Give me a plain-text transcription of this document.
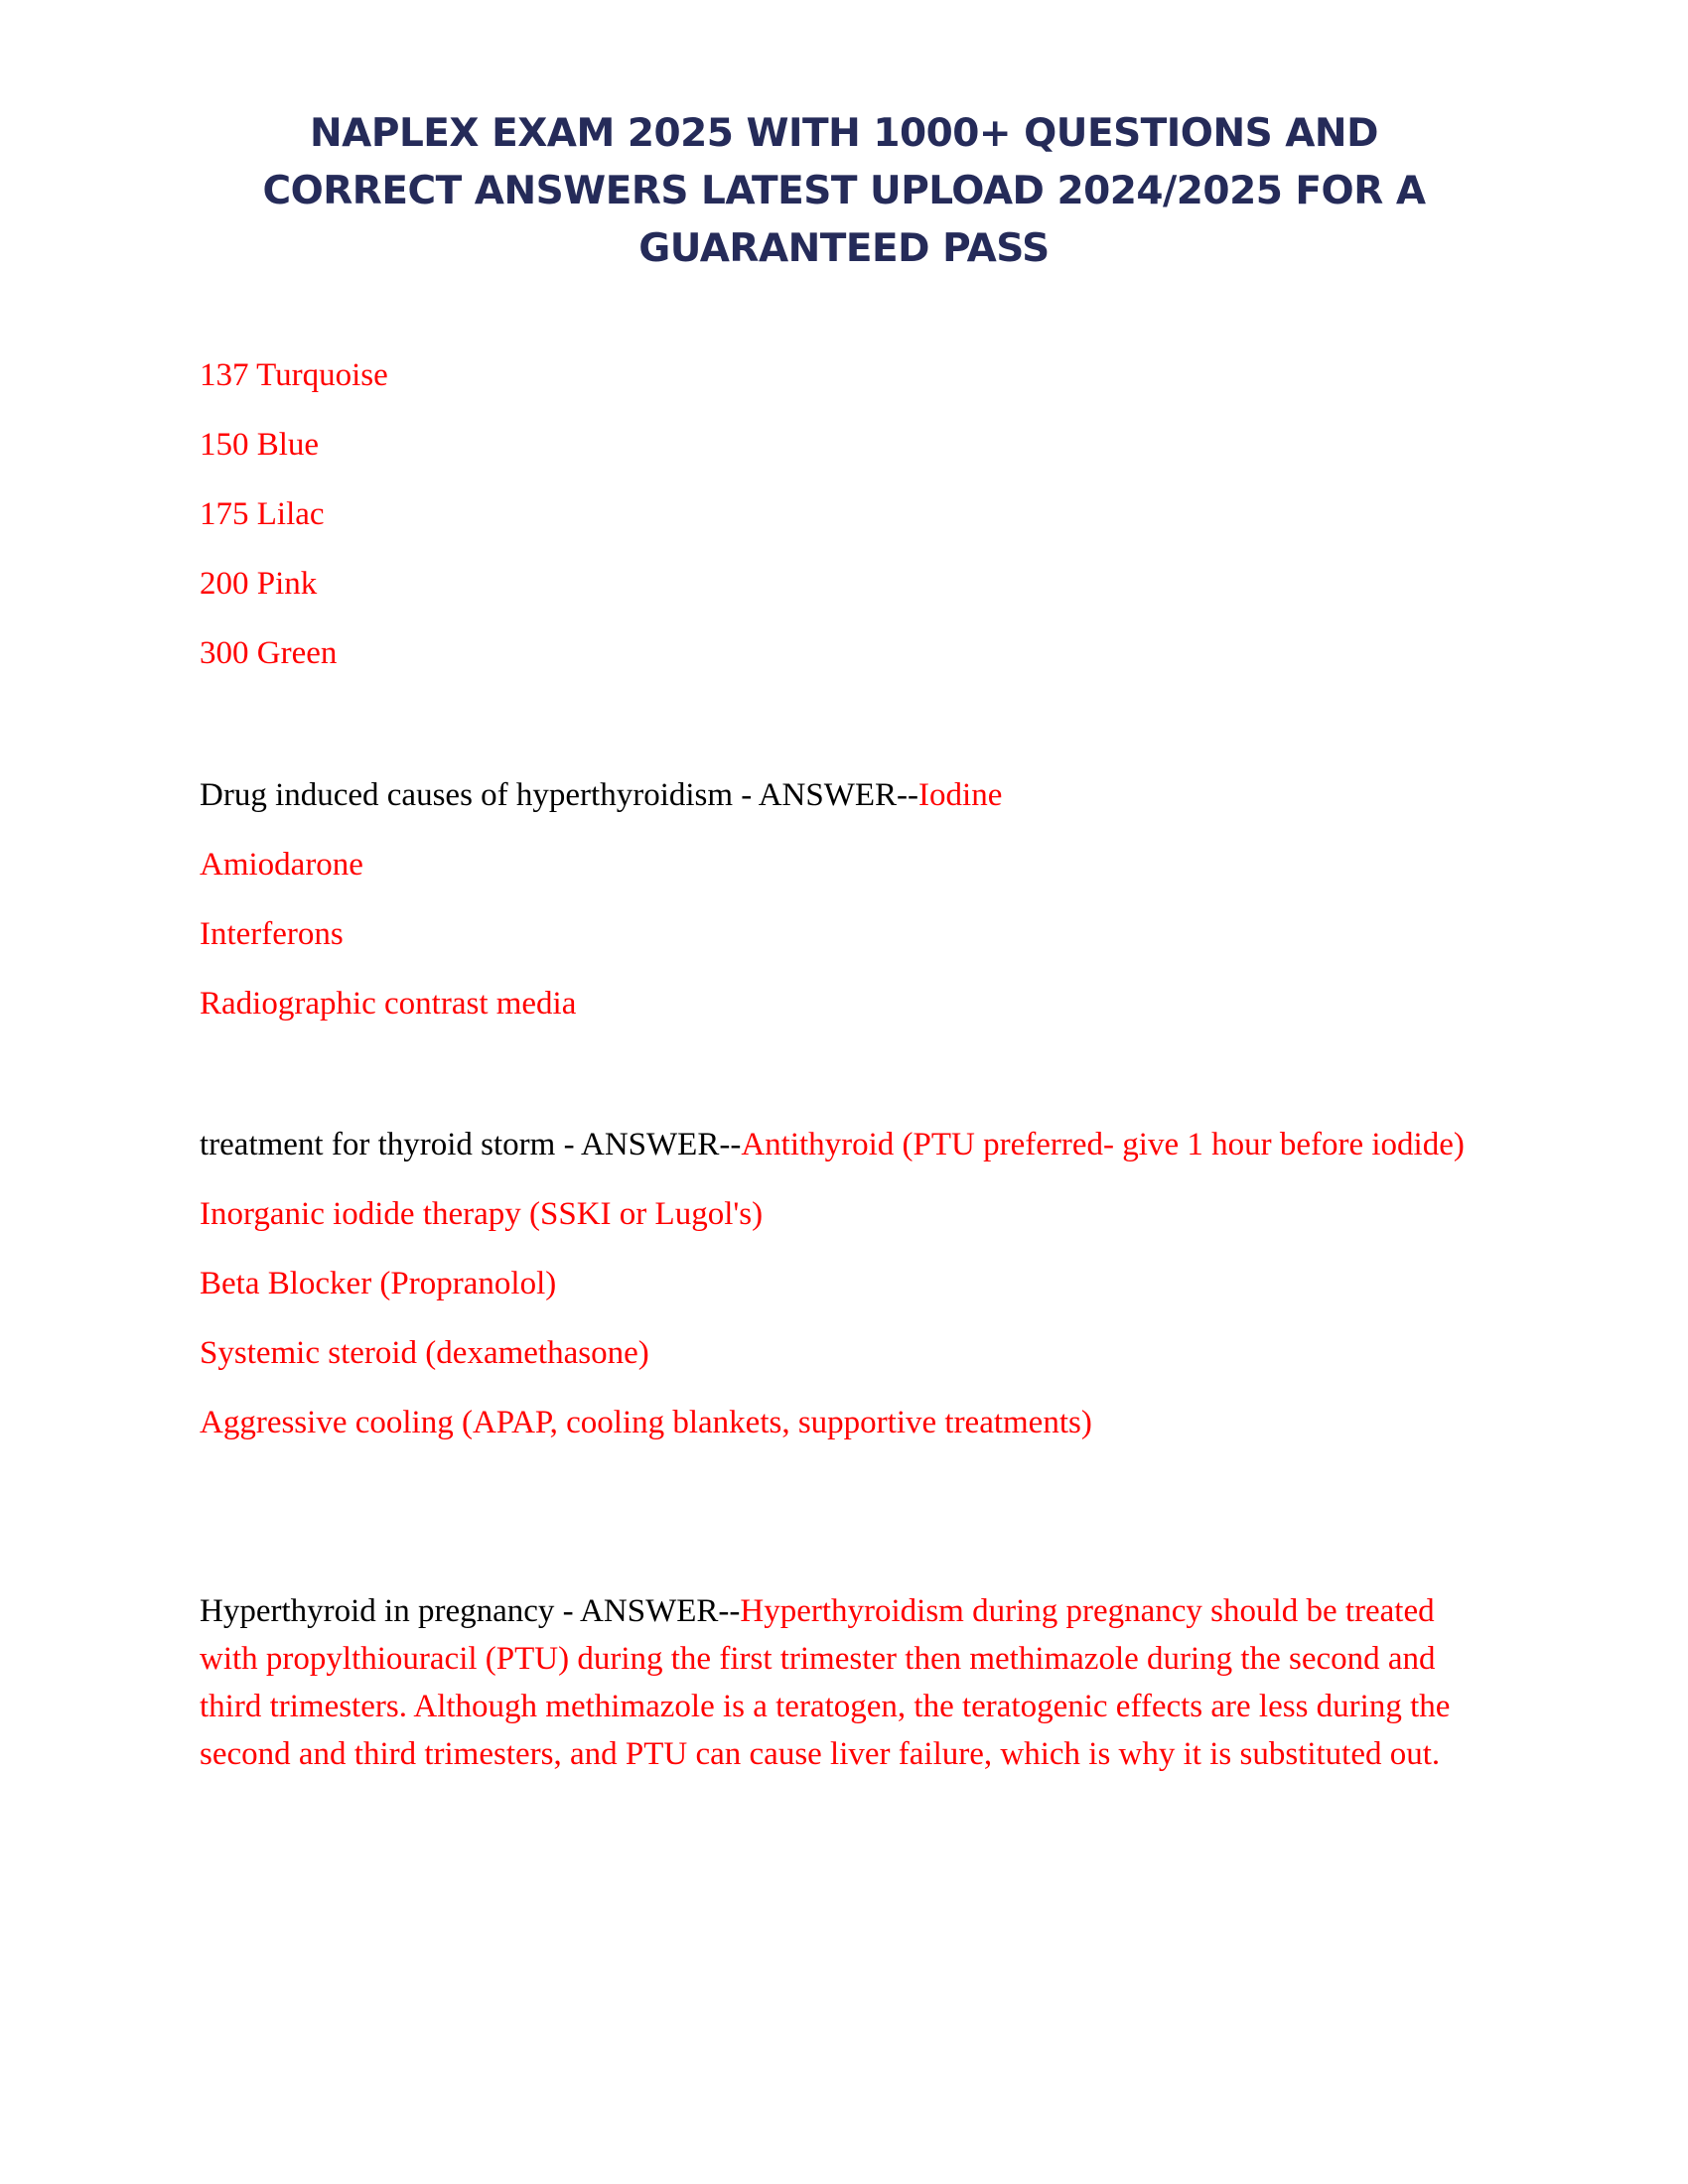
NAPLEX EXAM 2025 WITH 1000+ QUESTIONS AND
CORRECT ANSWERS LATEST UPLOAD 2024/2025 FOR A
GUARANTEED PASS
137 Turquoise
150 Blue
175 Lilac
200 Pink
300 Green
Drug induced causes of hyperthyroidism - ANSWER--Iodine
Amiodarone
Interferons
Radiographic contrast media
treatment for thyroid storm - ANSWER--Antithyroid (PTU preferred- give 1 hour before iodide)
Inorganic iodide therapy (SSKI or Lugol's)
Beta Blocker (Propranolol)
Systemic steroid (dexamethasone)
Aggressive cooling (APAP, cooling blankets, supportive treatments)
Hyperthyroid in pregnancy - ANSWER--Hyperthyroidism during pregnancy should be treated with propylthiouracil (PTU) during the first trimester then methimazole during the second and third trimesters. Although methimazole is a teratogen, the teratogenic effects are less during the second and third trimesters, and PTU can cause liver failure, which is why it is substituted out.
